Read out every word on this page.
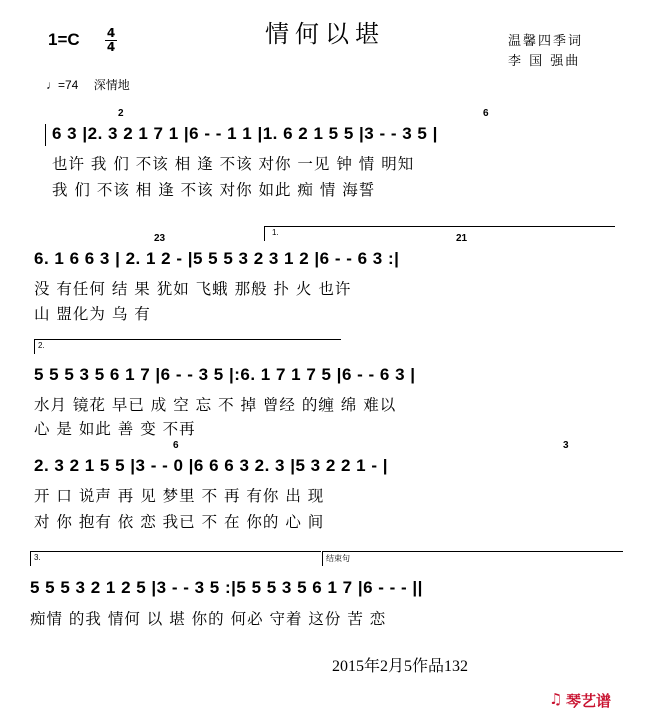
情何以堪
1=C 4
4
♩=74 深情地
温馨四季词
李 国 强曲
2	6
6 3 |2. 3 2 1 7 1 |6 - - 1 1 |1. 6 2 1 5 5 |3 - - 3 5 |
也许 我 们 不该 相 逢 不该 对你 一见 钟 情 明知
我 们 不该 相 逢 不该 对你 如此 痴 情 海誓
1.
23	21
6. 1 6 6 3 | 2. 1 2 - |5 5 5 3 2 3 1 2 |6 - - 6 3 :|
没 有任何 结 果 犹如 飞蛾 那般 扑 火 也许
山 盟化为 乌 有
2.
5 5 5 3 5 6 1 7 |6 - - 3 5 |:6. 1 7 1 7 5 |6 - - 6 3 |
水月 镜花 早已 成 空 忘 不 掉 曾经 的缠 绵 难以
心 是 如此 善 变 不再
6	3
2. 3 2 1 5 5 |3 - - 0 |6 6 6 3 2. 3 |5 3 2 2 1 - |
开 口 说声 再 见 梦里 不 再 有你 出 现
对 你 抱有 依 恋 我已 不 在 你的 心 间
3.	结束句
5 5 5 3 2 1 2 5 |3 - - 3 5 :|5 5 5 3 5 6 1 7 |6 - - - ||
痴情 的我 情何 以 堪 你的 何必 守着 这份 苦 恋
2015年2月5作品132
♫ 琴艺谱
